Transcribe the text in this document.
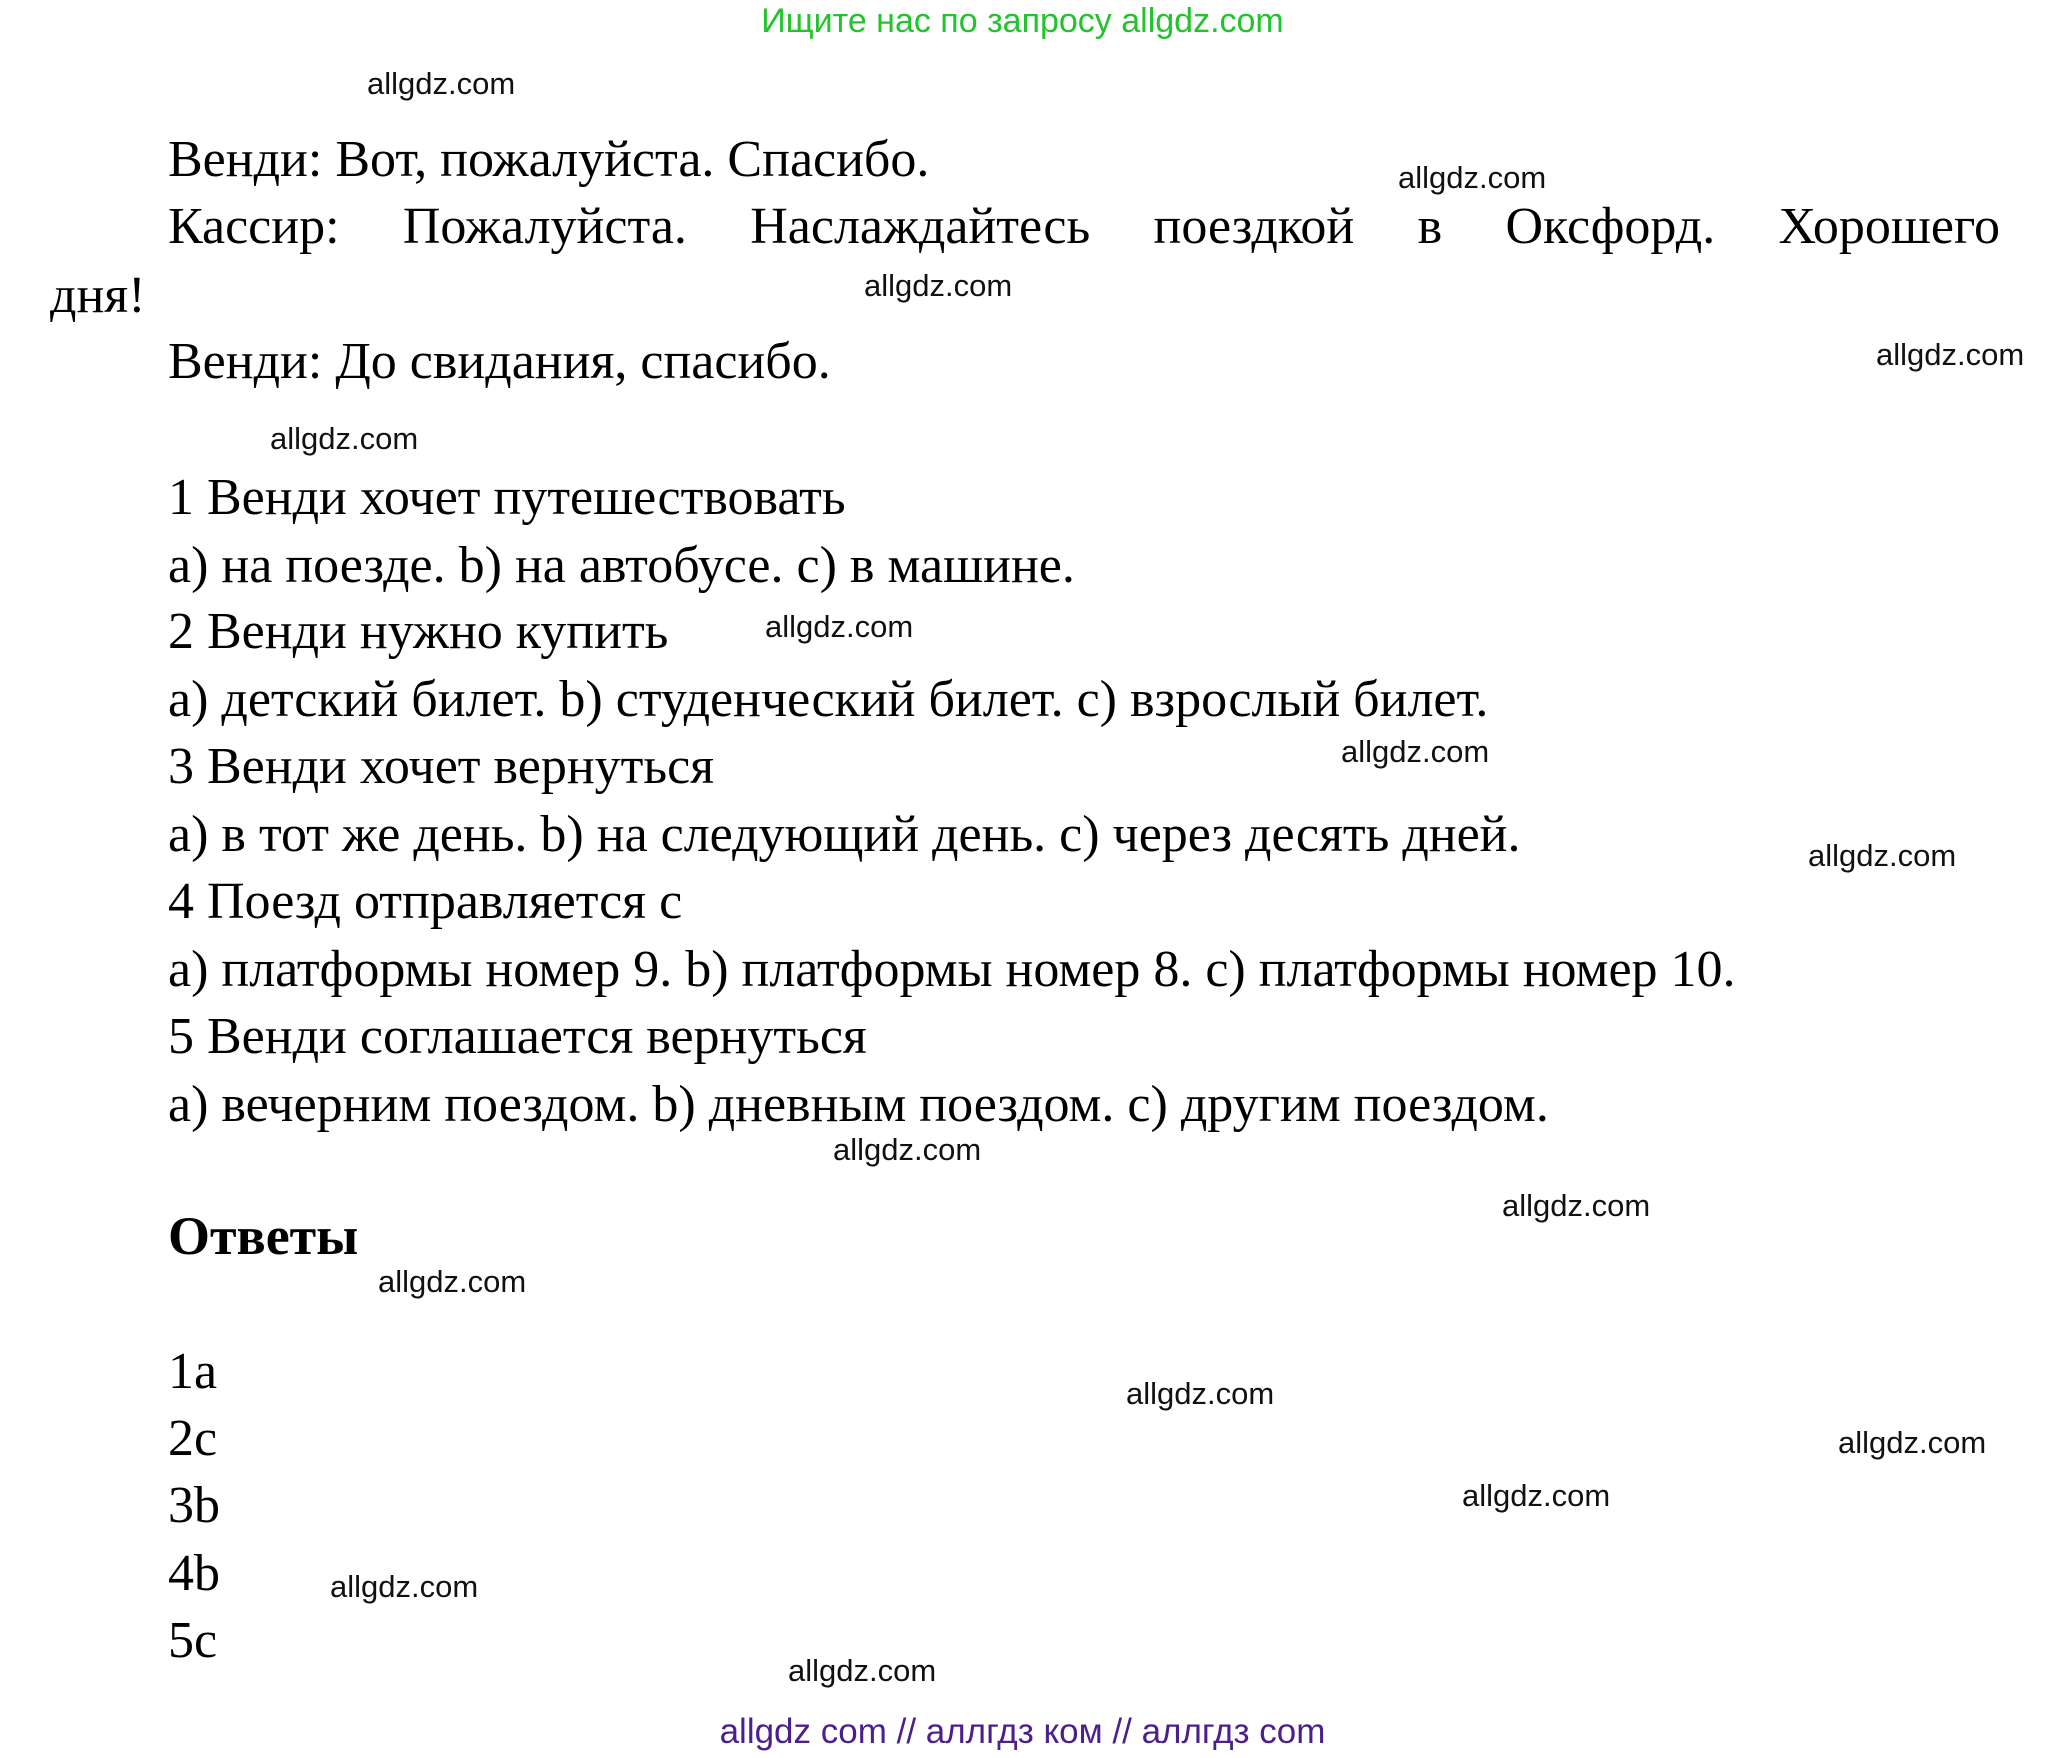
Ищите нас по запросу allgdz.com
Венди: Вот, пожалуйста. Спасибо.
Кассир: Пожалуйста. Наслаждайтесь поездкой в Оксфорд. Хорошего
дня!
Венди: До свидания, спасибо.
1 Венди хочет путешествовать
a) на поезде. b) на автобусе. c) в машине.
2 Венди нужно купить
a) детский билет. b) студенческий билет. c) взрослый билет.
3 Венди хочет вернуться
a) в тот же день. b) на следующий день. c) через десять дней.
4 Поезд отправляется с
a) платформы номер 9. b) платформы номер 8. c) платформы номер 10.
5 Венди соглашается вернуться
a) вечерним поездом. b) дневным поездом. c) другим поездом.
Ответы
1a
2c
3b
4b
5c
allgdz.com
allgdz.com
allgdz.com
allgdz.com
allgdz.com
allgdz.com
allgdz.com
allgdz.com
allgdz.com
allgdz.com
allgdz.com
allgdz.com
allgdz.com
allgdz.com
allgdz.com
allgdz.com
allgdz com // аллгдз ком // аллгдз com
